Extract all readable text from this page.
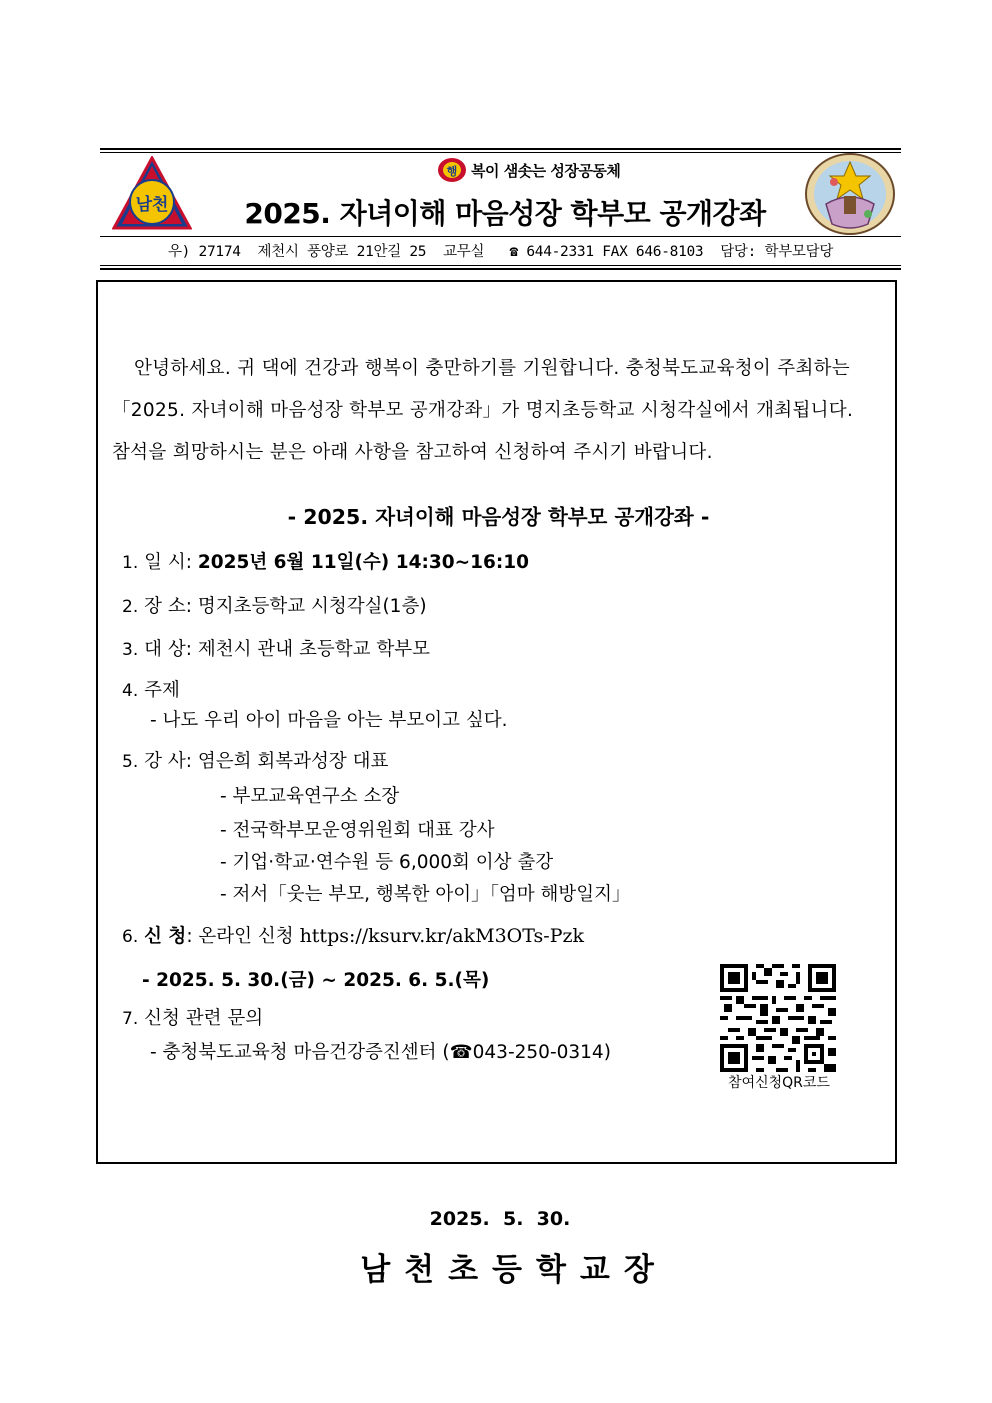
남천
행 복이 샘솟는 성장공동체
2025. 자녀이해 마음성장 학부모 공개강좌
우) 27174  제천시 풍양로 21안길 25  교무실   ☎ 644-2331 FAX 646-8103  담당: 학부모담당

안녕하세요. 귀 댁에 건강과 행복이 충만하기를 기원합니다. 충청북도교육청이 주최하는

「2025. 자녀이해 마음성장 학부모 공개강좌」가 명지초등학교 시청각실에서 개최됩니다.

참석을 희망하시는 분은 아래 사항을 참고하여 신청하여 주시기 바랍니다.

- 2025. 자녀이해 마음성장 학부모 공개강좌 -
1. 일 시: 2025년 6월 11일(수) 14:30~16:10
2. 장 소: 명지초등학교 시청각실(1층)
3. 대 상: 제천시 관내 초등학교 학부모
4. 주제
- 나도 우리 아이 마음을 아는 부모이고 싶다.
5. 강 사: 염은희 회복과성장 대표
- 부모교육연구소 소장
- 전국학부모운영위원회 대표 강사
- 기업·학교·연수원 등 6,000회 이상 출강
- 저서「웃는 부모, 행복한 아이」「엄마 해방일지」
6. 신 청: 온라인 신청 https://ksurv.kr/akM3OTs-Pzk
- 2025. 5. 30.(금) ~ 2025. 6. 5.(목)
7. 신청 관련 문의
- 충청북도교육청 마음건강증진센터 (☎043-250-0314)
참여신청QR코드
2025.  5.  30.
남천초등학교장
